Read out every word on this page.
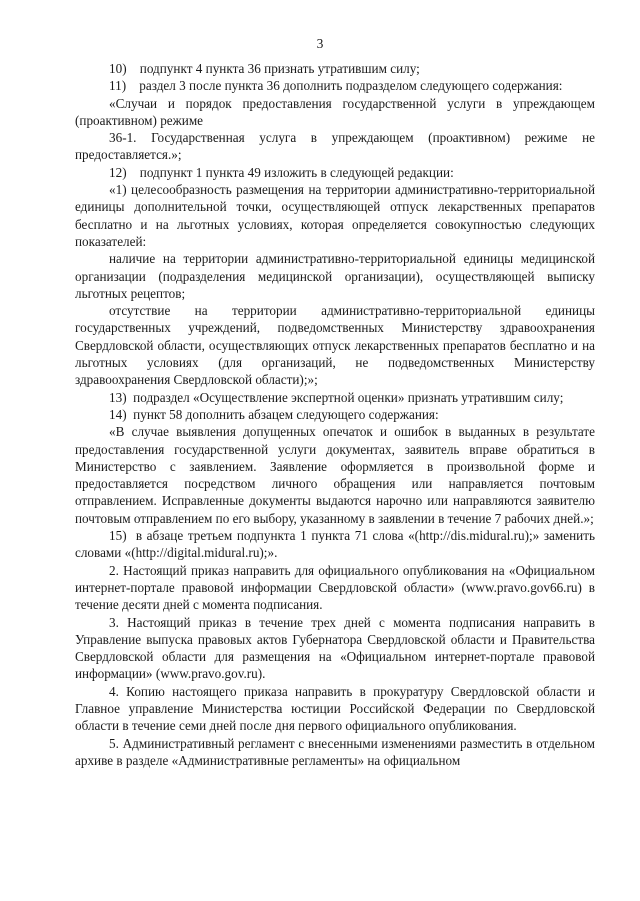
3

10)    подпункт 4 пункта 36 признать утратившим силу;

11)    раздел 3 после пункта 36 дополнить подразделом следующего содержания:

«Случаи и порядок предоставления государственной услуги в упреждающем (проактивном) режиме

36-1. Государственная услуга в упреждающем (проактивном) режиме не предоставляется.»;

12)    подпункт 1 пункта 49 изложить в следующей редакции:

«1) целесообразность размещения на территории административно-территориальной единицы дополнительной точки, осуществляющей отпуск лекарственных препаратов бесплатно и на льготных условиях, которая определяется совокупностью следующих показателей:

наличие на территории административно-территориальной единицы медицинской организации (подразделения медицинской организации), осуществляющей выписку льготных рецептов;

отсутствие на территории административно-территориальной единицы государственных учреждений, подведомственных Министерству здравоохранения Свердловской области, осуществляющих отпуск лекарственных препаратов бесплатно и на льготных условиях (для организаций, не подведомственных Министерству здравоохранения Свердловской области);»;

13)  подраздел «Осуществление экспертной оценки» признать утратившим силу;

14)  пункт 58 дополнить абзацем следующего содержания:

«В случае выявления допущенных опечаток и ошибок в выданных в результате предоставления государственной услуги документах, заявитель вправе обратиться в Министерство с заявлением. Заявление оформляется в произвольной форме и предоставляется посредством личного обращения или направляется почтовым отправлением. Исправленные документы выдаются нарочно или направляются заявителю почтовым отправлением по его выбору, указанному в заявлении в течение 7 рабочих дней.»;

15)  в абзаце третьем подпункта 1 пункта 71 слова «(http://dis.midural.ru);» заменить словами «(http://digital.midural.ru);».

2. Настоящий приказ направить для официального опубликования на «Официальном интернет-портале правовой информации Свердловской области» (www.pravo.gov66.ru) в течение десяти дней с момента подписания.

3. Настоящий приказ в течение трех дней с момента подписания направить в Управление выпуска правовых актов Губернатора Свердловской области и Правительства Свердловской области для размещения на «Официальном интернет-портале правовой информации» (www.pravo.gov.ru).

4. Копию настоящего приказа направить в прокуратуру Свердловской области и Главное управление Министерства юстиции Российской Федерации по Свердловской области в течение семи дней после дня первого официального опубликования.

5. Административный регламент с внесенными изменениями разместить в отдельном архиве в разделе «Административные регламенты» на официальном
